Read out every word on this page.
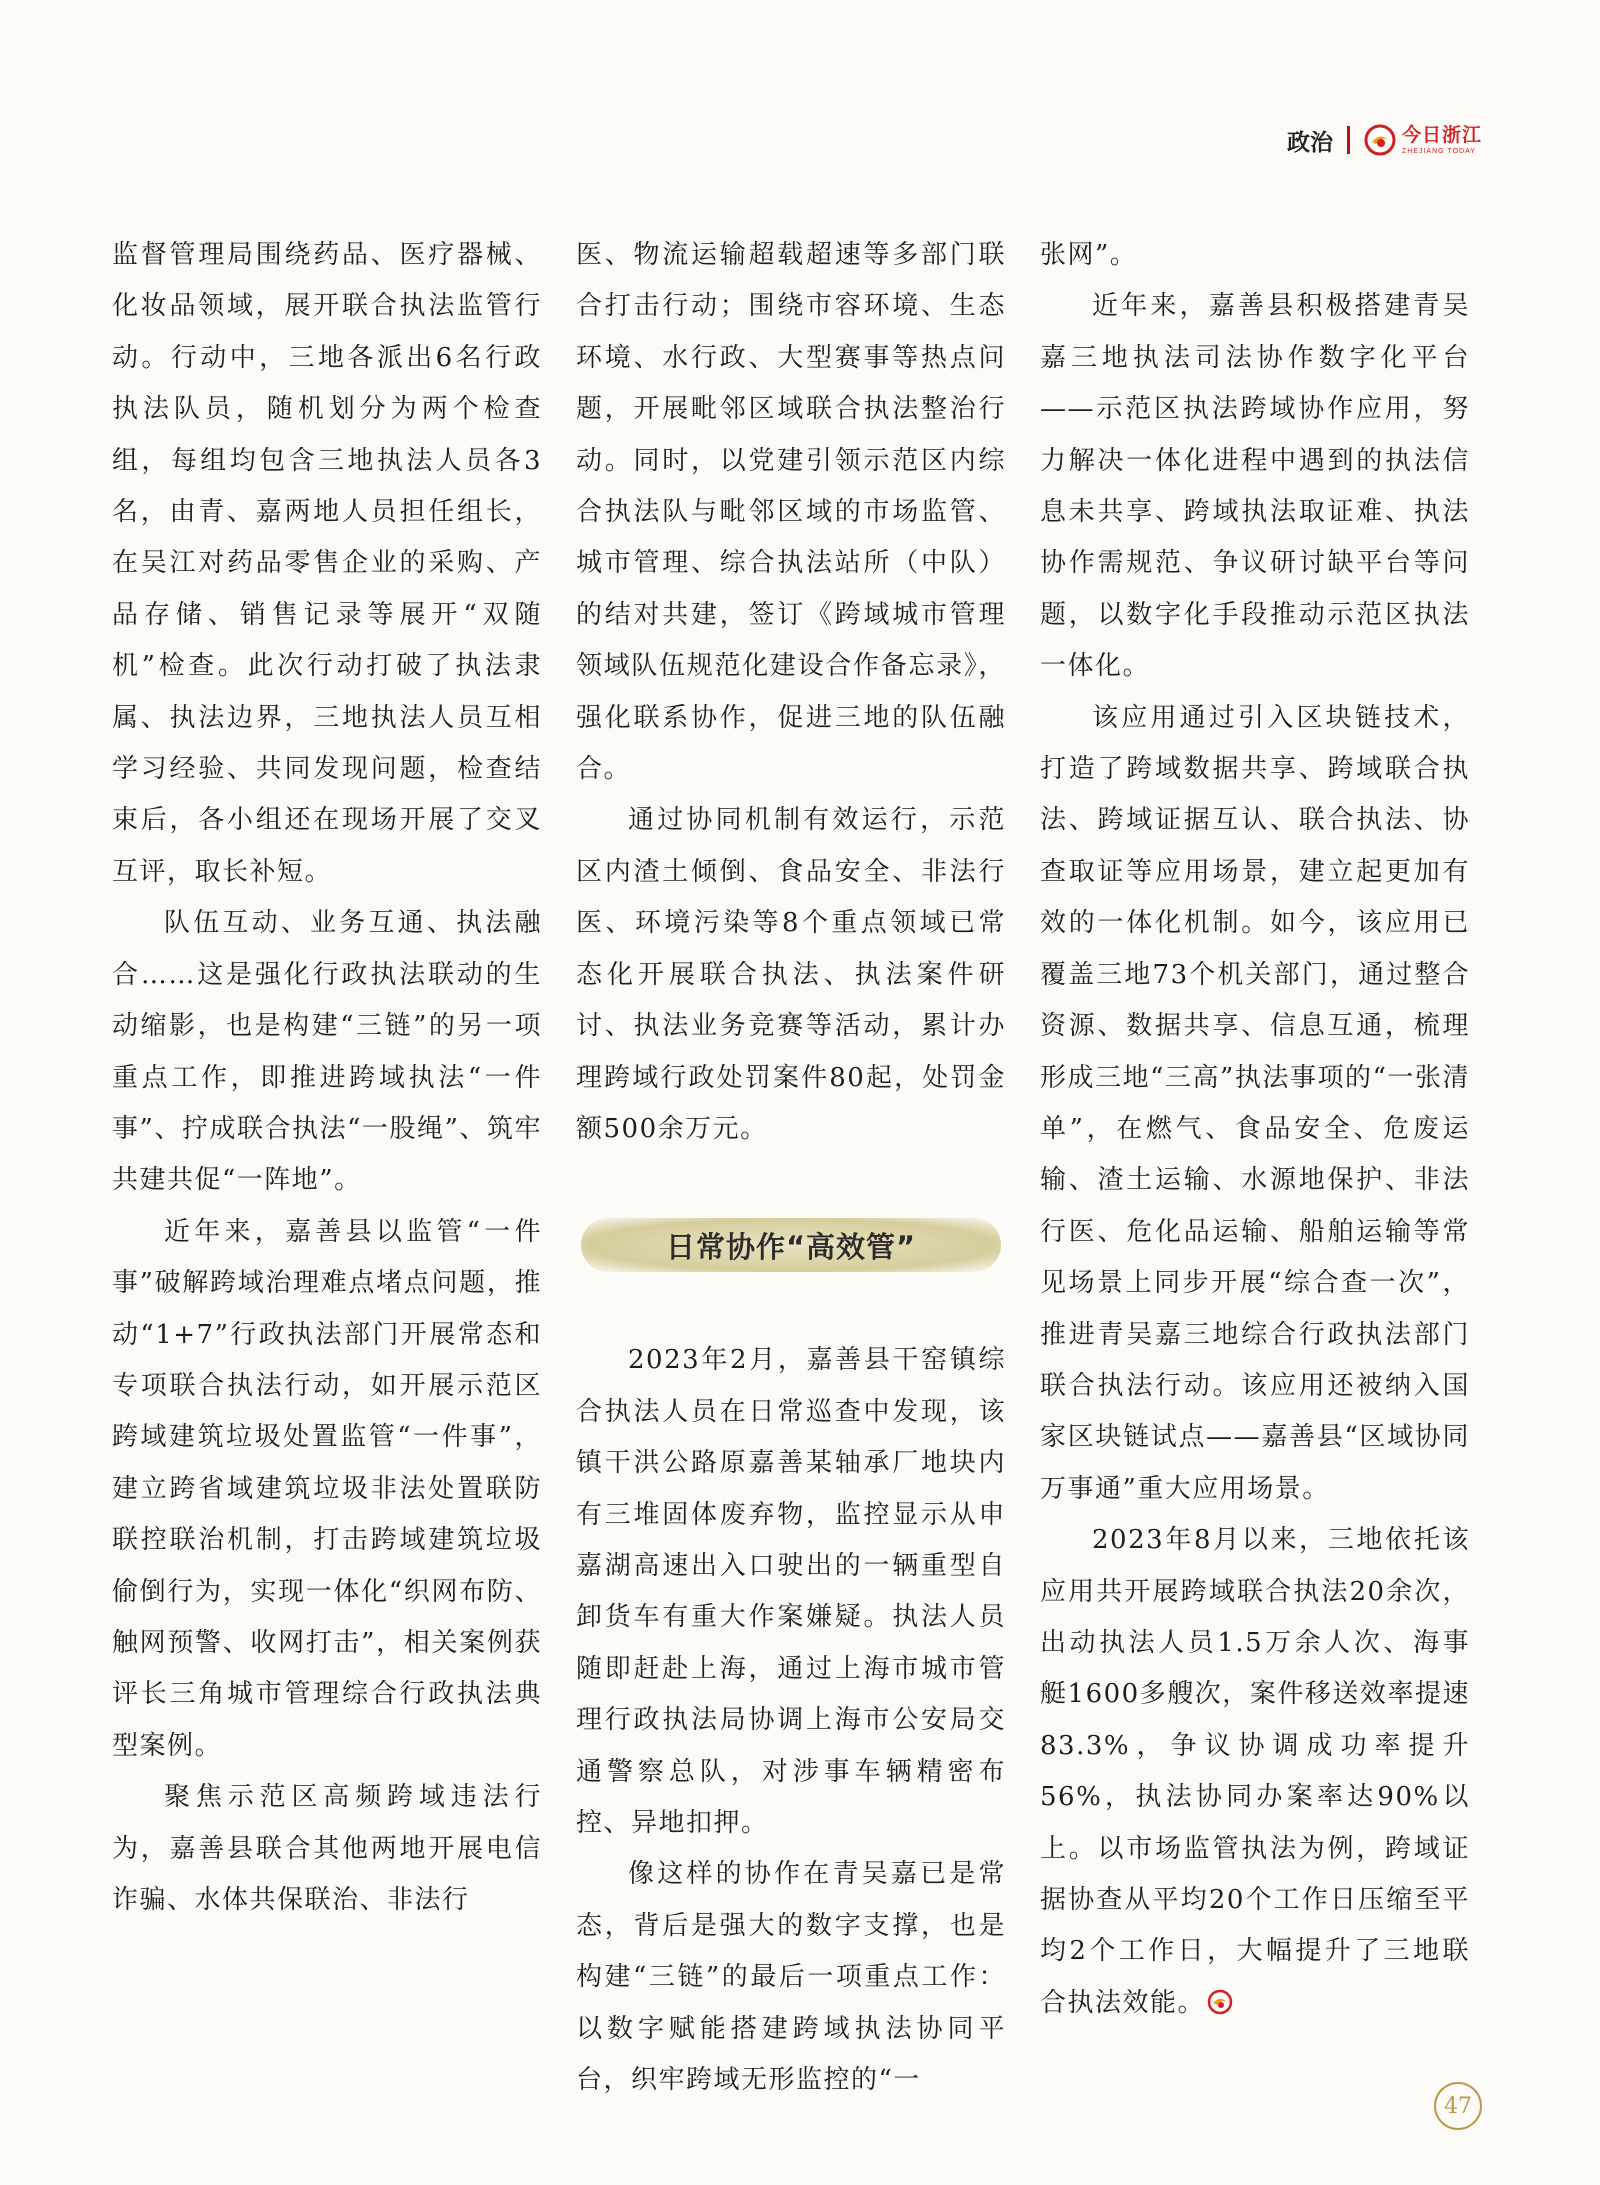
政治	今日浙江
ZHEJIANG TODAY

监督管理局围绕药品、医疗器械、化妆品领域，展开联合执法监管行动。行动中，三地各派出6名行政执法队员，随机划分为两个检查组，每组均包含三地执法人员各3名，由青、嘉两地人员担任组长，在吴江对药品零售企业的采购、产品存储、销售记录等展开“双随机”检查。此次行动打破了执法隶属、执法边界，三地执法人员互相学习经验、共同发现问题，检查结束后，各小组还在现场开展了交叉互评，取长补短。

队伍互动、业务互通、执法融合……这是强化行政执法联动的生动缩影，也是构建“三链”的另一项重点工作，即推进跨域执法“一件事”、拧成联合执法“一股绳”、筑牢共建共促“一阵地”。

近年来，嘉善县以监管“一件事”破解跨域治理难点堵点问题，推动“1+7”行政执法部门开展常态和专项联合执法行动，如开展示范区跨域建筑垃圾处置监管“一件事”，建立跨省域建筑垃圾非法处置联防联控联治机制，打击跨域建筑垃圾偷倒行为，实现一体化“织网布防、触网预警、收网打击”，相关案例获评长三角城市管理综合行政执法典型案例。

聚焦示范区高频跨域违法行为，嘉善县联合其他两地开展电信诈骗、水体共保联治、非法行

医、物流运输超载超速等多部门联合打击行动；围绕市容环境、生态环境、水行政、大型赛事等热点问题，开展毗邻区域联合执法整治行动。同时，以党建引领示范区内综合执法队与毗邻区域的市场监管、城市管理、综合执法站所（中队）的结对共建，签订《跨域城市管理领域队伍规范化建设合作备忘录》，强化联系协作，促进三地的队伍融合。

通过协同机制有效运行，示范区内渣土倾倒、食品安全、非法行医、环境污染等8个重点领域已常态化开展联合执法、执法案件研讨、执法业务竞赛等活动，累计办理跨域行政处罚案件80起，处罚金额500余万元。

日常协作“高效管”

2023年2月，嘉善县干窑镇综合执法人员在日常巡查中发现，该镇干洪公路原嘉善某轴承厂地块内有三堆固体废弃物，监控显示从申嘉湖高速出入口驶出的一辆重型自卸货车有重大作案嫌疑。执法人员随即赶赴上海，通过上海市城市管理行政执法局协调上海市公安局交通警察总队，对涉事车辆精密布控、异地扣押。

像这样的协作在青吴嘉已是常态，背后是强大的数字支撑，也是构建“三链”的最后一项重点工作：以数字赋能搭建跨域执法协同平台，织牢跨域无形监控的“一

张网”。

近年来，嘉善县积极搭建青吴嘉三地执法司法协作数字化平台——示范区执法跨域协作应用，努力解决一体化进程中遇到的执法信息未共享、跨域执法取证难、执法协作需规范、争议研讨缺平台等问题，以数字化手段推动示范区执法一体化。

该应用通过引入区块链技术，打造了跨域数据共享、跨域联合执法、跨域证据互认、联合执法、协查取证等应用场景，建立起更加有效的一体化机制。如今，该应用已覆盖三地73个机关部门，通过整合资源、数据共享、信息互通，梳理形成三地“三高”执法事项的“一张清单”，在燃气、食品安全、危废运输、渣土运输、水源地保护、非法行医、危化品运输、船舶运输等常见场景上同步开展“综合查一次”，推进青吴嘉三地综合行政执法部门联合执法行动。该应用还被纳入国家区块链试点——嘉善县“区域协同万事通”重大应用场景。

2023年8月以来，三地依托该应用共开展跨域联合执法20余次，出动执法人员1.5万余人次、海事艇1600多艘次，案件移送效率提速83.3%，争议协调成功率提升56%，执法协同办案率达90%以上。以市场监管执法为例，跨域证据协查从平均20个工作日压缩至平均2个工作日，大幅提升了三地联合执法效能。

47
